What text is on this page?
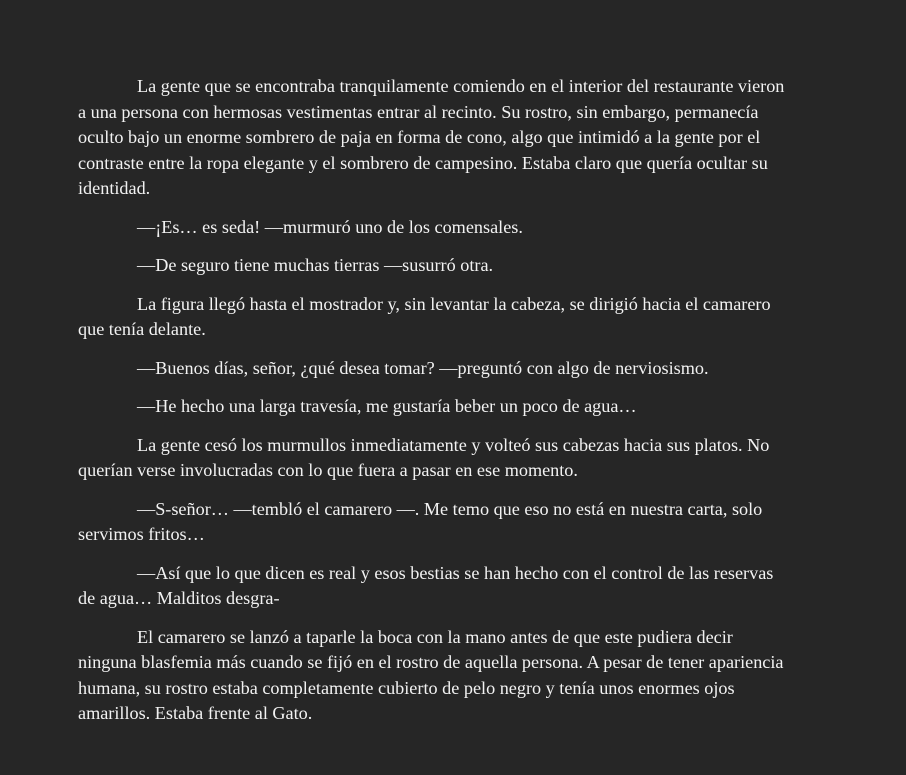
La gente que se encontraba tranquilamente comiendo en el interior del restaurante vieron a una persona con hermosas vestimentas entrar al recinto. Su rostro, sin embargo, permanecía oculto bajo un enorme sombrero de paja en forma de cono, algo que intimidó a la gente por el contraste entre la ropa elegante y el sombrero de campesino. Estaba claro que quería ocultar su identidad.

—¡Es… es seda! —murmuró uno de los comensales.

—De seguro tiene muchas tierras —susurró otra.

La figura llegó hasta el mostrador y, sin levantar la cabeza, se dirigió hacia el camarero que tenía delante.

—Buenos días, señor, ¿qué desea tomar? —preguntó con algo de nerviosismo.

—He hecho una larga travesía, me gustaría beber un poco de agua…

La gente cesó los murmullos inmediatamente y volteó sus cabezas hacia sus platos. No querían verse involucradas con lo que fuera a pasar en ese momento.

—S-señor… —tembló el camarero —. Me temo que eso no está en nuestra carta, solo servimos fritos…

—Así que lo que dicen es real y esos bestias se han hecho con el control de las reservas de agua… Malditos desgra-

El camarero se lanzó a taparle la boca con la mano antes de que este pudiera decir ninguna blasfemia más cuando se fijó en el rostro de aquella persona. A pesar de tener apariencia humana, su rostro estaba completamente cubierto de pelo negro y tenía unos enormes ojos amarillos. Estaba frente al Gato.
